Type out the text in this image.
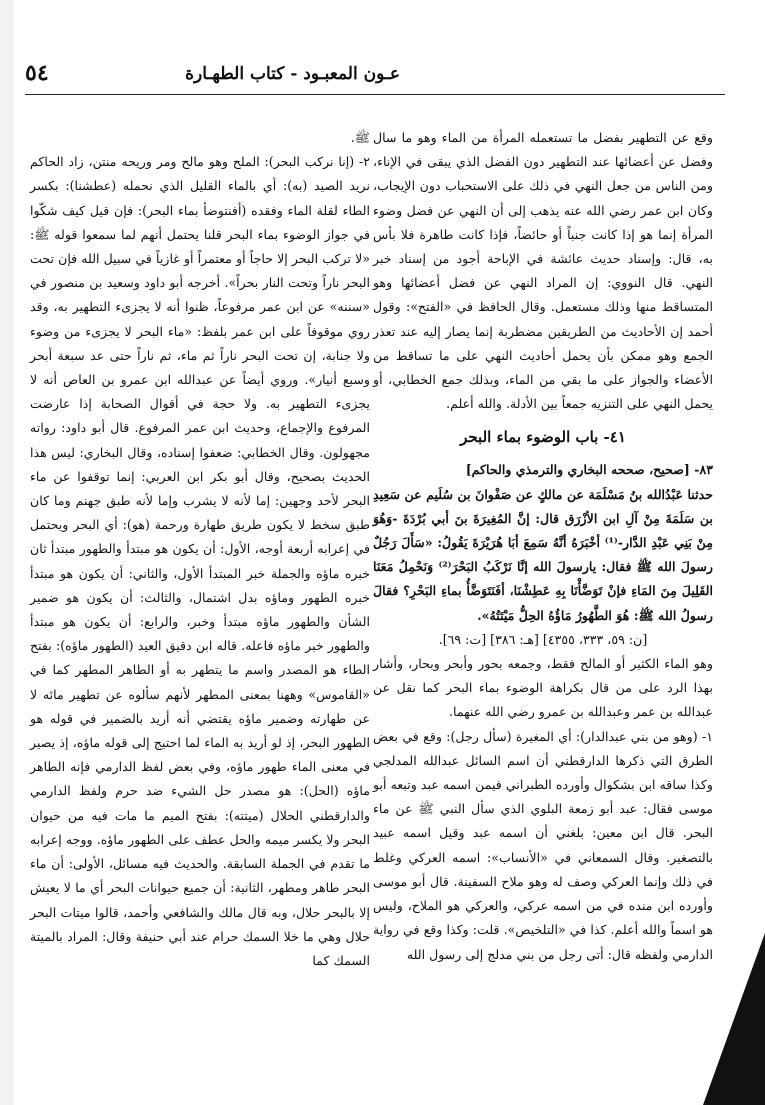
٥٤	عـون المعبـود - كتاب الطهـارة

وقع عن التطهير بفضل ما تستعمله المرأة من الماء وهو ما سال وفضل عن أعضائها عند التطهير دون الفضل الذي يبقى في الإناء، ومن الناس من جعل النهي في ذلك على الاستحباب دون الإيجاب، وكان ابن عمر رضي الله عنه يذهب إلى أن النهي عن فضل وضوء المرأة إنما هو إذا كانت جنباً أو حائضاً، فإذا كانت طاهرة فلا بأس به، قال: وإسناد حديث عائشة في الإباحة أجود من إسناد خبر النهي. قال النووي: إن المراد النهي عن فضل أعضائها وهو المتساقط منها وذلك مستعمل. وقال الحافظ في «الفتح»: وقول أحمد إن الأحاديث من الطريقين مضطربة إنما يصار إليه عند تعذر الجمع وهو ممكن بأن يحمل أحاديث النهي على ما تساقط من الأعضاء والجواز على ما بقي من الماء، وبذلك جمع الخطابي، أو يحمل النهي على التنزيه جمعاً بين الأدلة. والله أعلم.

٤١- باب الوضوء بماء البحر

٨٣- [صحيح، صححه البخاري والترمذي والحاكم]

حدثنا عَبْدُالله بنُ مَسْلَمَة عن مالكٍ عن صَفْوانَ بن سُلَيم عن سَعِيدِ بن سَلَمَةَ مِنْ آلِ ابن الأزْرَق قال: إنَّ المُغِيرَةَ بنَ أبي بُرْدَةَ -وَهُوَ مِنْ بَنِي عَبْدِ الدَّار-⁽¹⁾ أخْبَرَهُ أنَّهُ سَمِعَ أبَا هُرَيْرَةَ يَقُولُ: «سَأَلَ رَجُلٌ رسولَ الله ﷺ فقال: يارسولَ الله إنَّا نَرْكَبُ البَحْرَ⁽²⁾ وَنَحْمِلُ مَعَنَا القَلِيلَ مِنَ المَاءِ فإنْ تَوَضَّأْنَا بِهِ عَطِشْنَا، أفَنَتَوَضَّأُ بماءِ البَحْرِ؟ فقالَ رسولُ الله ﷺ: هُوَ الطَّهُورُ مَاؤُهُ الحِلُّ مَيْتَتُهُ».

[ن: ٥٩، ٣٣٣، ٤٣٥٥] [هـ: ٣٨٦] [ت: ٦٩].

وهو الماء الكثير أو المالح فقط، وجمعه بحور وأبحر وبحار، وأشار بهذا الرد على من قال بكراهة الوضوء بماء البحر كما نقل عن عبدالله بن عمر وعبدالله بن عمرو رضي الله عنهما.

١- (وهو من بني عبدالدار): أي المغيرة (سأل رجل): وقع في بعض الطرق التي ذكرها الدارقطني أن اسم السائل عبدالله المدلجي وكذا ساقه ابن بشكوال وأورده الطبراني فيمن اسمه عبد وتبعه أبو موسى فقال: عبد أبو زمعة البلوي الذي سأل النبي ﷺ عن ماء البحر. قال ابن معين: بلغني أن اسمه عبد وقيل اسمه عبيد بالتصغير. وقال السمعاني في «الأنساب»: اسمه العركي وغلط في ذلك وإنما العركي وصف له وهو ملاح السفينة. قال أبو موسى وأورده ابن منده في من اسمه عركي، والعركي هو الملاح، وليس هو اسماً والله أعلم. كذا في «التلخيص». قلت: وكذا وقع في رواية الدارمي ولفظه قال: أتى رجل من بني مدلج إلى رسول الله

ﷺ.

٢- (إنا نركب البحر): الملح وهو مالح ومر وريحه منتن، زاد الحاكم نريد الصيد (به): أي بالماء القليل الذي نحمله (عطشنا): بكسر الطاء لقلة الماء وفقده (أفنتوضأ بماء البحر): فإن قيل كيف شكّوا في جواز الوضوء بماء البحر قلنا يحتمل أنهم لما سمعوا قوله ﷺ: «لا تركب البحر إلا حاجاً أو معتمراً أو غازياً في سبيل الله فإن تحت البحر ناراً وتحت النار بحراً». أخرجه أبو داود وسعيد بن منصور في «سننه» عن ابن عمر مرفوعاً، ظنوا أنه لا يجزىء التطهير به، وقد روي موقوفاً على ابن عمر بلفظ: «ماء البحر لا يجزىء من وضوء ولا جنابة، إن تحت البحر ناراً ثم ماء، ثم ناراً حتى عد سبعة أبحر وسبع أنيار». وروي أيضاً عن عبدالله ابن عمرو بن العاص أنه لا يجزىء التطهير به. ولا حجة في أقوال الصحابة إذا عارضت المرفوع والإجماع، وحديث ابن عمر المرفوع. قال أبو داود: رواته مجهولون. وقال الخطابي: ضعفوا إسناده، وقال البخاري: ليس هذا الحديث بصحيح، وقال أبو بكر ابن العربي: إنما توقفوا عن ماء البحر لأحد وجهين: إما لأنه لا يشرب وإما لأنه طبق جهنم وما كان طبق سخط لا يكون طريق طهارة ورحمة (هو): أي البحر ويحتمل في إعرابه أربعة أوجه، الأول: أن يكون هو مبتدأ والطهور مبتدأ ثان خبره ماؤه والجملة خبر المبتدأ الأول، والثاني: أن يكون هو مبتدأ خبره الطهور وماؤه بدل اشتمال، والثالث: أن يكون هو ضمير الشأن والطهور ماؤه مبتدأ وخبر، والرابع: أن يكون هو مبتدأ والطهور خبر ماؤه فاعله. قاله ابن دقيق العيد (الطهور ماؤه): بفتح الطاء هو المصدر واسم ما يتطهر به أو الطاهر المطهر كما في «القاموس» وههنا بمعنى المطهر لأنهم سألوه عن تطهير مائه لا عن طهارته وضمير ماؤه يقتضي أنه أريد بالضمير في قوله هو الطهور البحر، إذ لو أريد به الماء لما احتيج إلى قوله ماؤه، إذ يصير في معنى الماء طهور ماؤه، وفي بعض لفظ الدارمي فإنه الطاهر ماؤه (الحل): هو مصدر حل الشيء ضد حرم ولفظ الدارمي والدارقطني الحلال (ميتته): بفتح الميم ما مات فيه من حيوان البحر ولا يكسر ميمه والحل عطف على الطهور ماؤه. ووجه إعرابه ما تقدم في الجملة السابقة. والحديث فيه مسائل، الأولى: أن ماء البحر طاهر ومطهر، الثانية: أن جميع حيوانات البحر أي ما لا يعيش إلا بالبحر حلال، وبه قال مالك والشافعي وأحمد، قالوا ميتات البحر حلال وهي ما خلا السمك حرام عند أبي حنيفة وقال: المراد بالميتة السمك كما
